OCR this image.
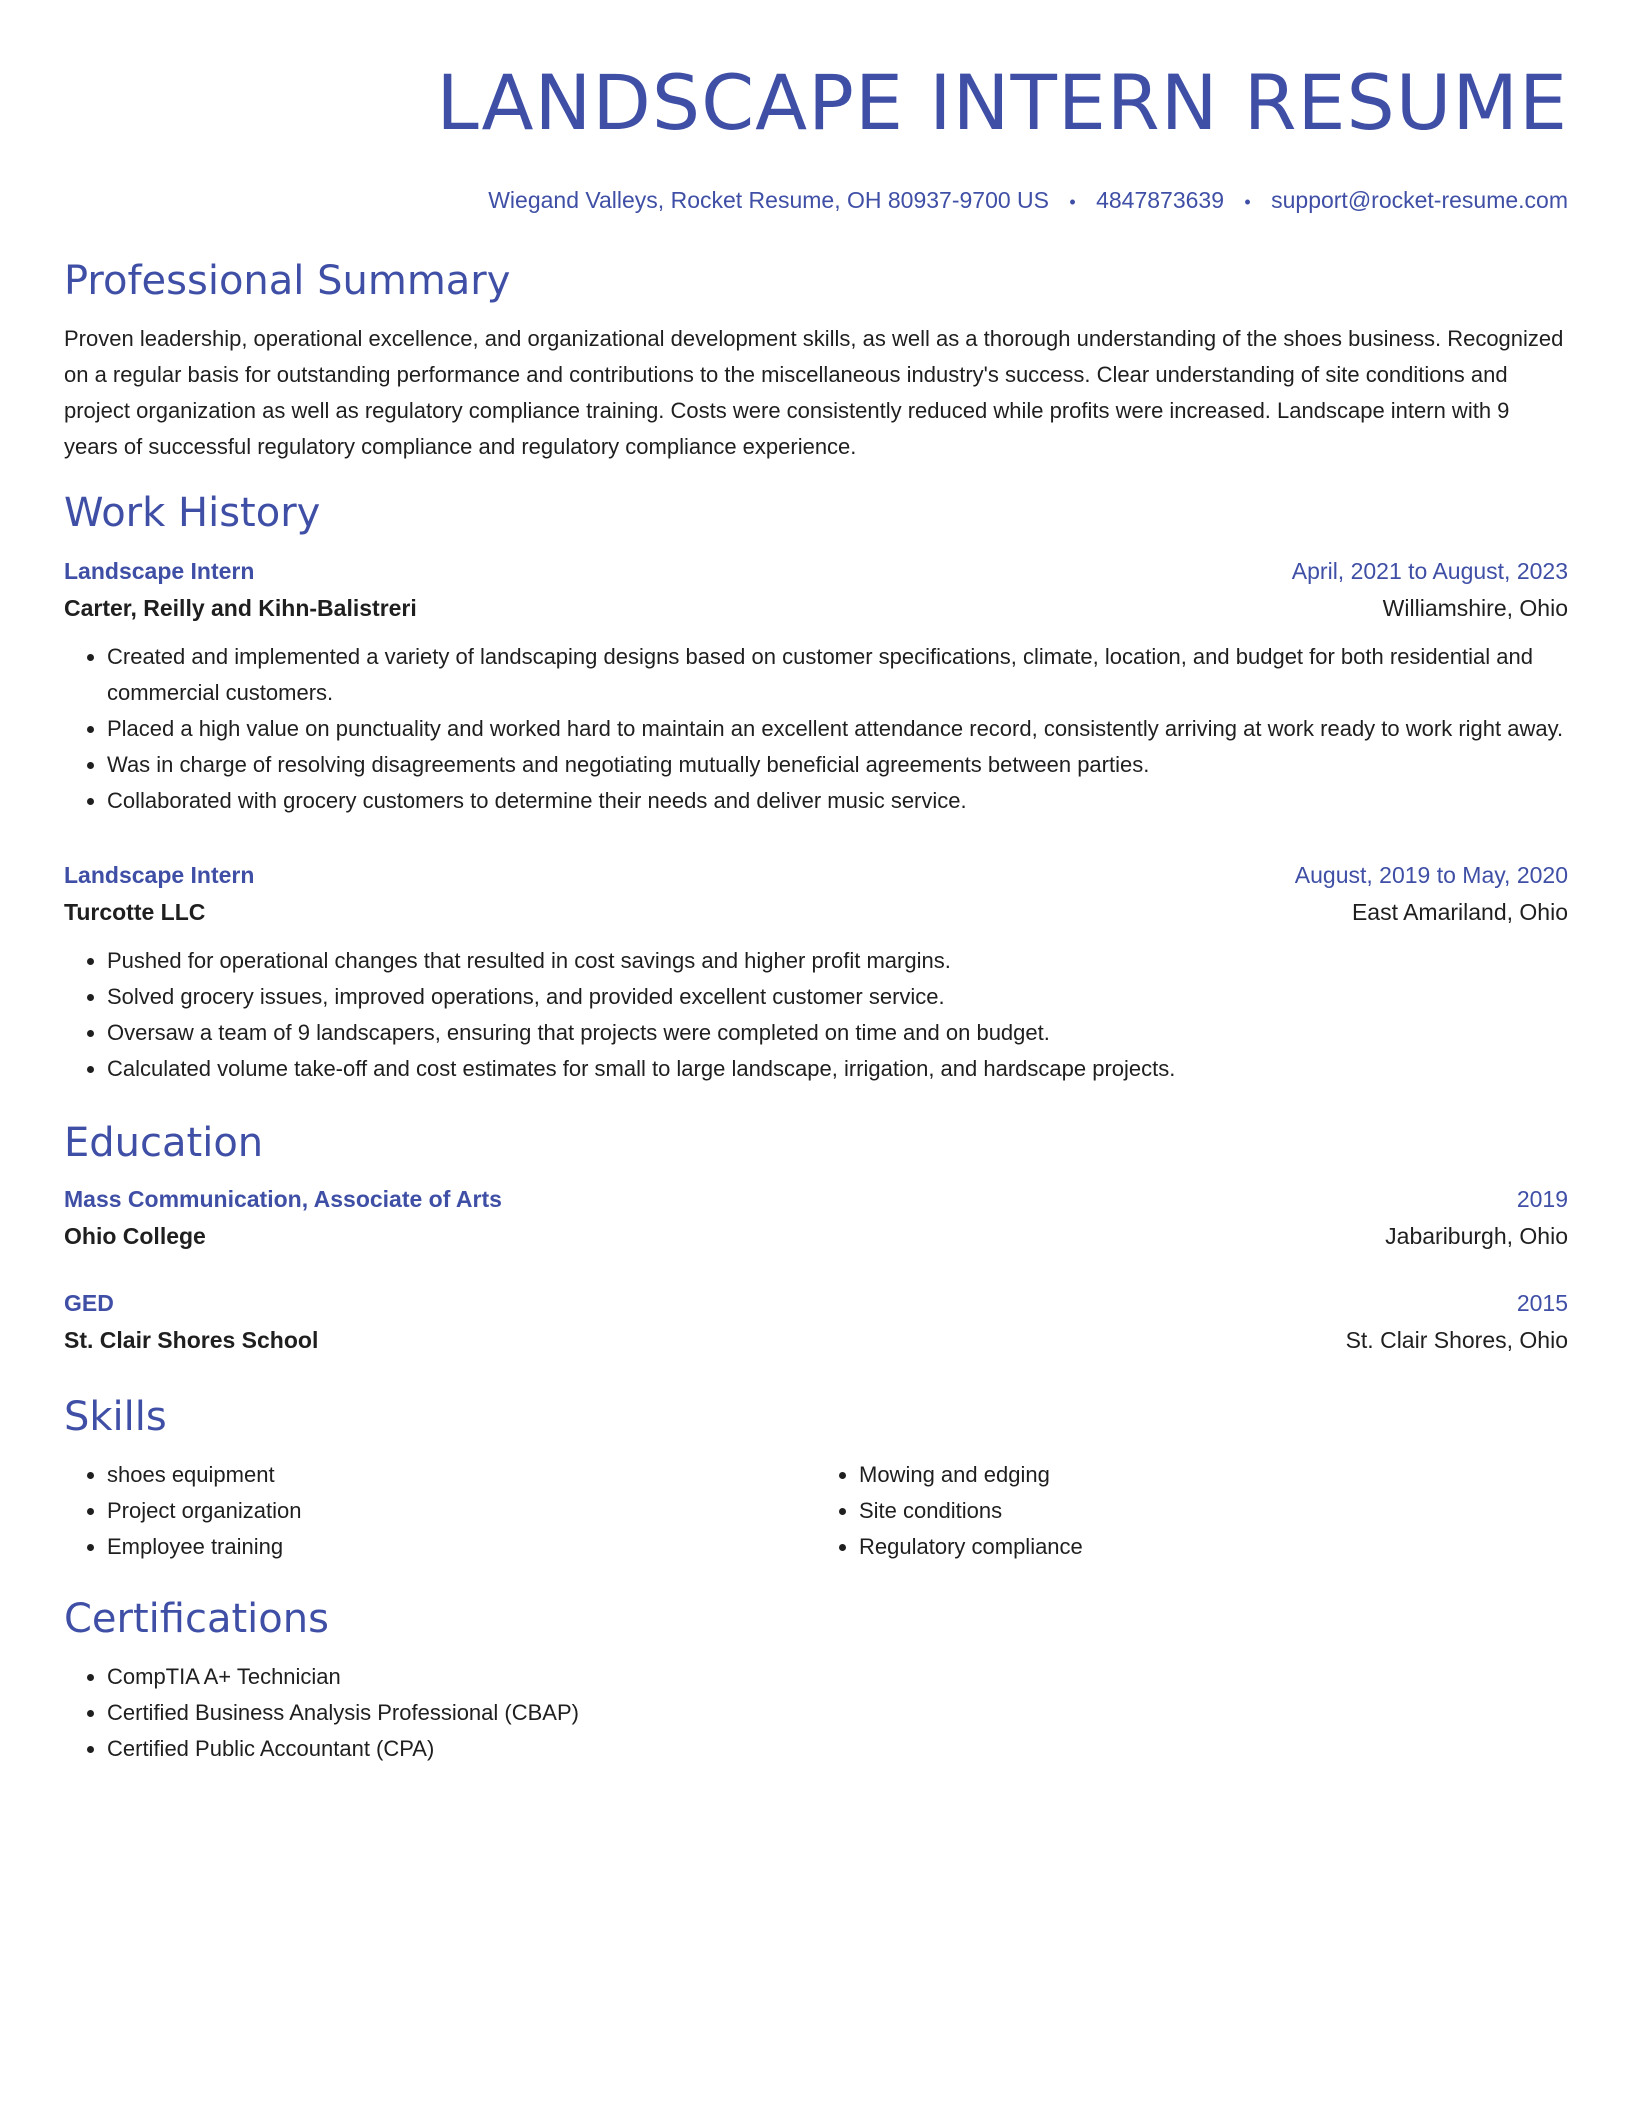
LANDSCAPE INTERN RESUME
Wiegand Valleys, Rocket Resume, OH 80937-9700 US • 4847873639 • support@rocket-resume.com
Professional Summary

Proven leadership, operational excellence, and organizational development skills, as well as a thorough understanding of the shoes business. Recognized on a regular basis for outstanding performance and contributions to the miscellaneous industry's success. Clear understanding of site conditions and project organization as well as regulatory compliance training. Costs were consistently reduced while profits were increased. Landscape intern with 9 years of successful regulatory compliance and regulatory compliance experience.

Work History
Landscape Intern	April, 2021 to August, 2023
Carter, Reilly and Kihn-Balistreri	Williamshire, Ohio
• Created and implemented a variety of landscaping designs based on customer specifications, climate, location, and budget for both residential and commercial customers.
• Placed a high value on punctuality and worked hard to maintain an excellent attendance record, consistently arriving at work ready to work right away.
• Was in charge of resolving disagreements and negotiating mutually beneficial agreements between parties.
• Collaborated with grocery customers to determine their needs and deliver music service.
Landscape Intern	August, 2019 to May, 2020
Turcotte LLC	East Amariland, Ohio
• Pushed for operational changes that resulted in cost savings and higher profit margins.
• Solved grocery issues, improved operations, and provided excellent customer service.
• Oversaw a team of 9 landscapers, ensuring that projects were completed on time and on budget.
• Calculated volume take-off and cost estimates for small to large landscape, irrigation, and hardscape projects.
Education
Mass Communication, Associate of Arts	2019
Ohio College	Jabariburgh, Ohio
GED	2015
St. Clair Shores School	St. Clair Shores, Ohio
Skills
• shoes equipment
• Project organization
• Employee training
• Mowing and edging
• Site conditions
• Regulatory compliance
Certifications
• CompTIA A+ Technician
• Certified Business Analysis Professional (CBAP)
• Certified Public Accountant (CPA)
